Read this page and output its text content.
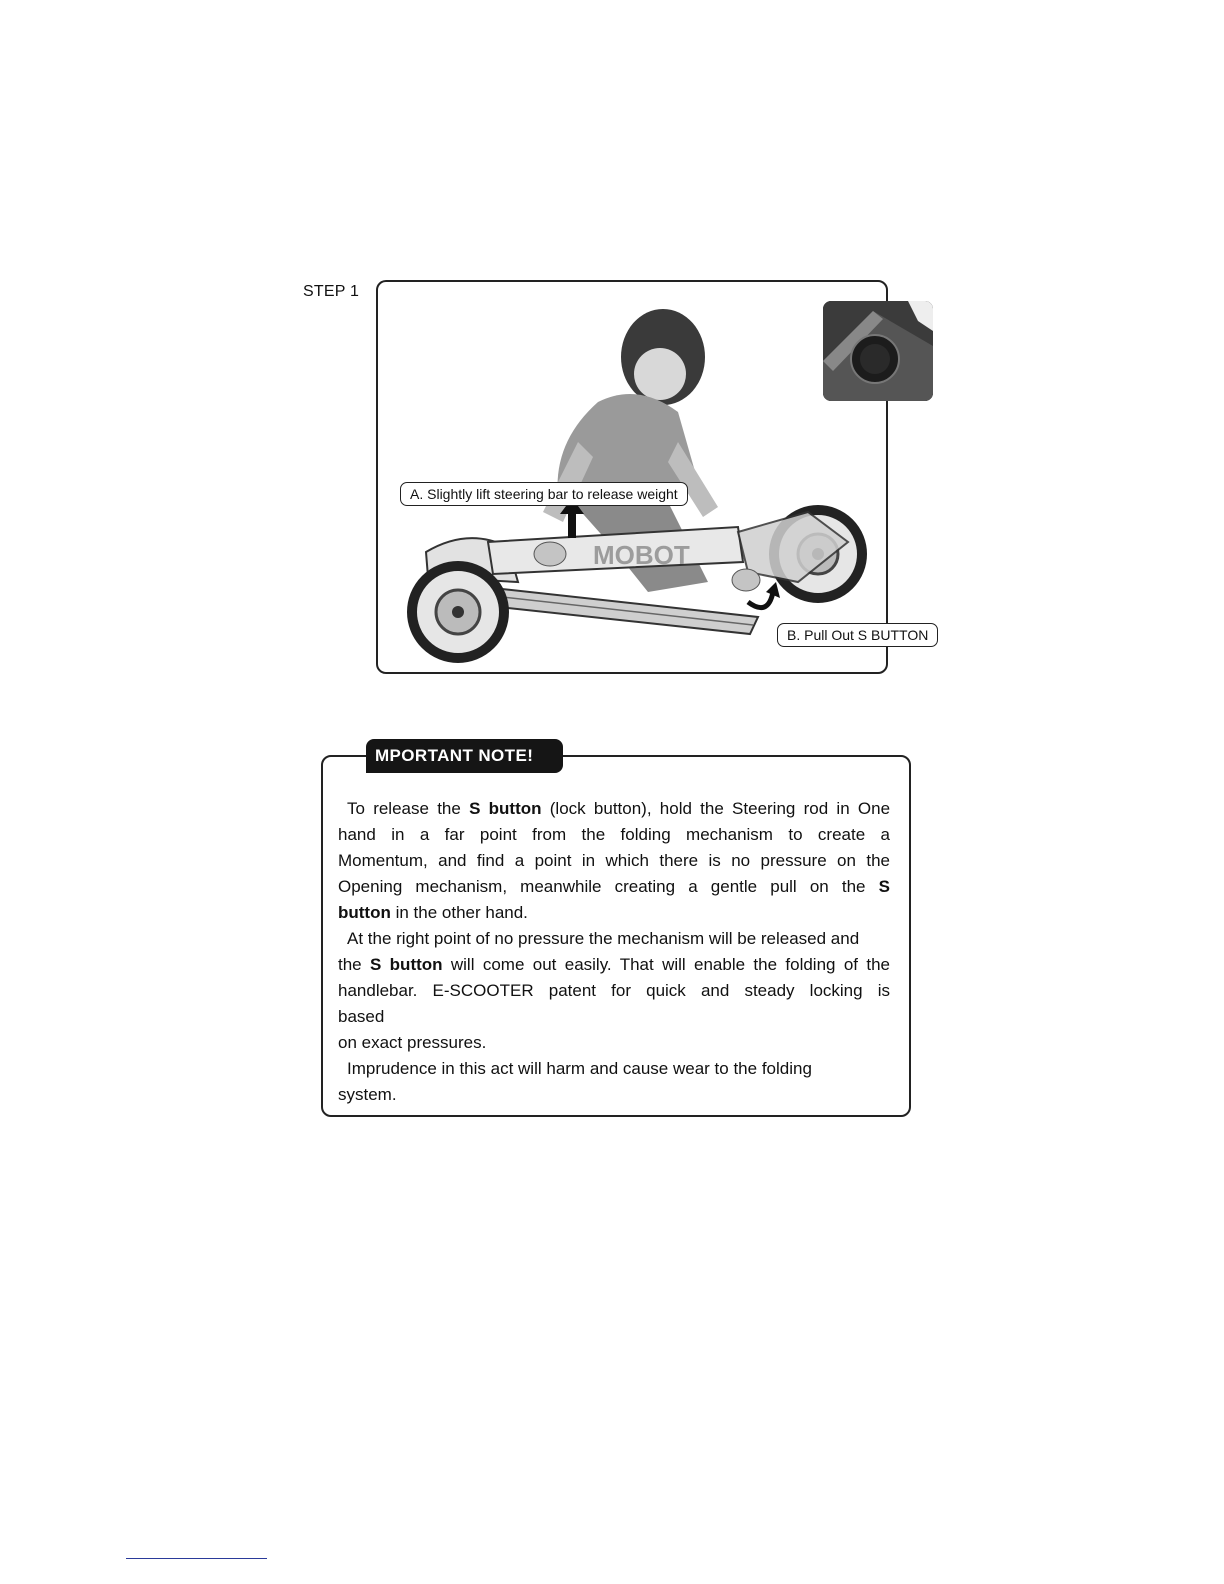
STEP 1
MOBOT
A. Slightly lift steering bar to release weight
B. Pull Out S BUTTON
MPORTANT NOTE!

To release the S button (lock button), hold the Steering rod in One

hand in a far point from the folding mechanism to create a

Momentum, and find a point in which there is no pressure on the

Opening mechanism, meanwhile creating a gentle pull on the S

button in the other hand.

At the right point of no pressure the mechanism will be released and

the S button will come out easily. That will enable the folding of the

handlebar. E-SCOOTER patent for quick and steady locking is

based

on exact pressures.

Imprudence in this act will harm and cause wear to the folding

system.
